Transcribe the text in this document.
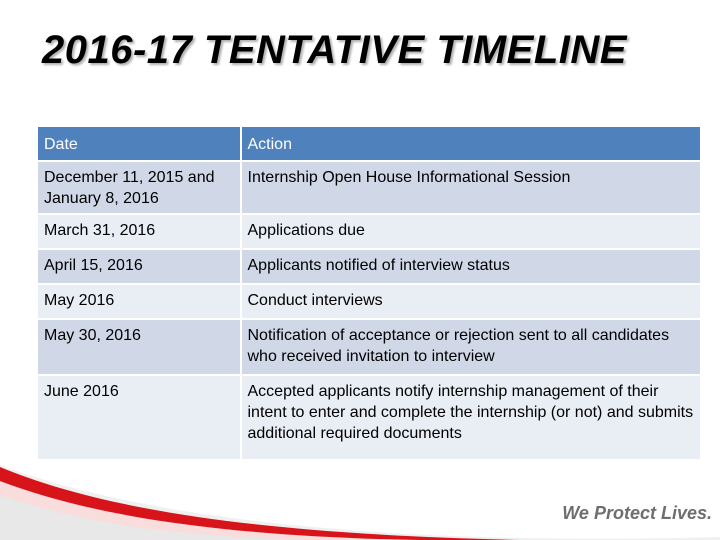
2016-17 TENTATIVE TIMELINE
Date	Action
December 11, 2015 and January 8, 2016	Internship Open House Informational Session
March 31, 2016	Applications due
April 15, 2016	Applicants notified of interview status
May 2016	Conduct interviews
May 30, 2016	Notification of acceptance or rejection sent to all candidates who received invitation to interview
June 2016	Accepted applicants notify internship management of their intent to enter and complete the internship (or not) and submits additional required documents
We Protect Lives.
